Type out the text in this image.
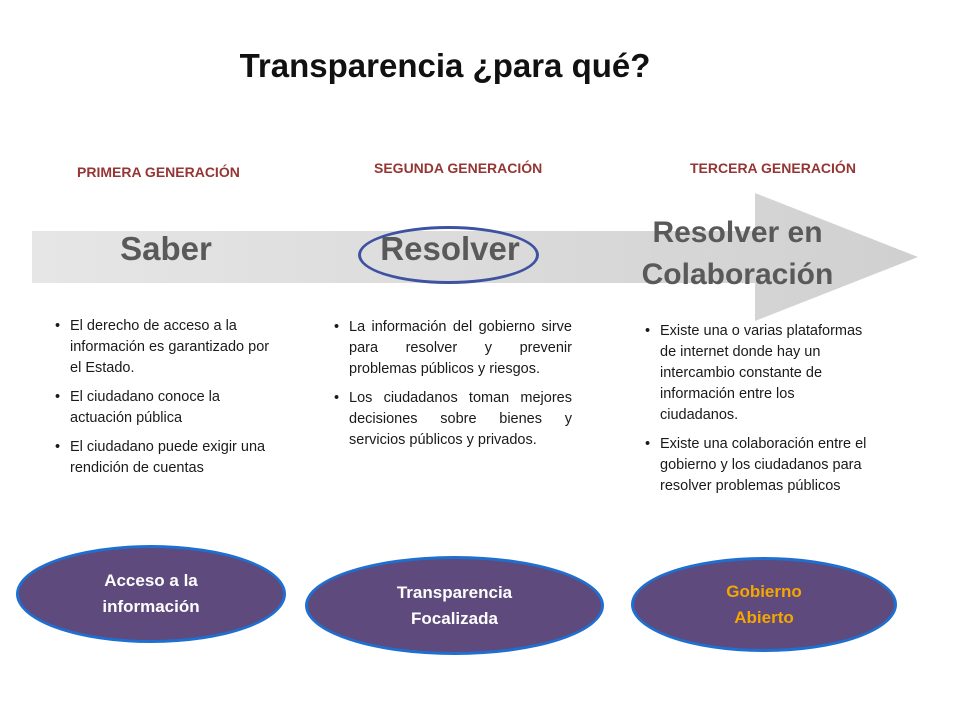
Transparencia ¿para qué?
PRIMERA GENERACIÓN	SEGUNDA GENERACIÓN	TERCERA GENERACIÓN
Saber	Resolver	Resolver en
Colaboración
• El derecho de acceso a la información es garantizado por el Estado.
• El ciudadano conoce la actuación pública
• El ciudadano puede exigir una rendición de cuentas
• La información del gobierno sirve para resolver y prevenir problemas públicos y riesgos.
• Los ciudadanos toman mejores decisiones sobre bienes y servicios públicos y privados.
• Existe una o varias plataformas de internet donde hay un intercambio constante de información entre los ciudadanos.
• Existe una colaboración entre el gobierno y los ciudadanos para resolver problemas públicos
Acceso a la
información
Transparencia
Focalizada
Gobierno
Abierto
